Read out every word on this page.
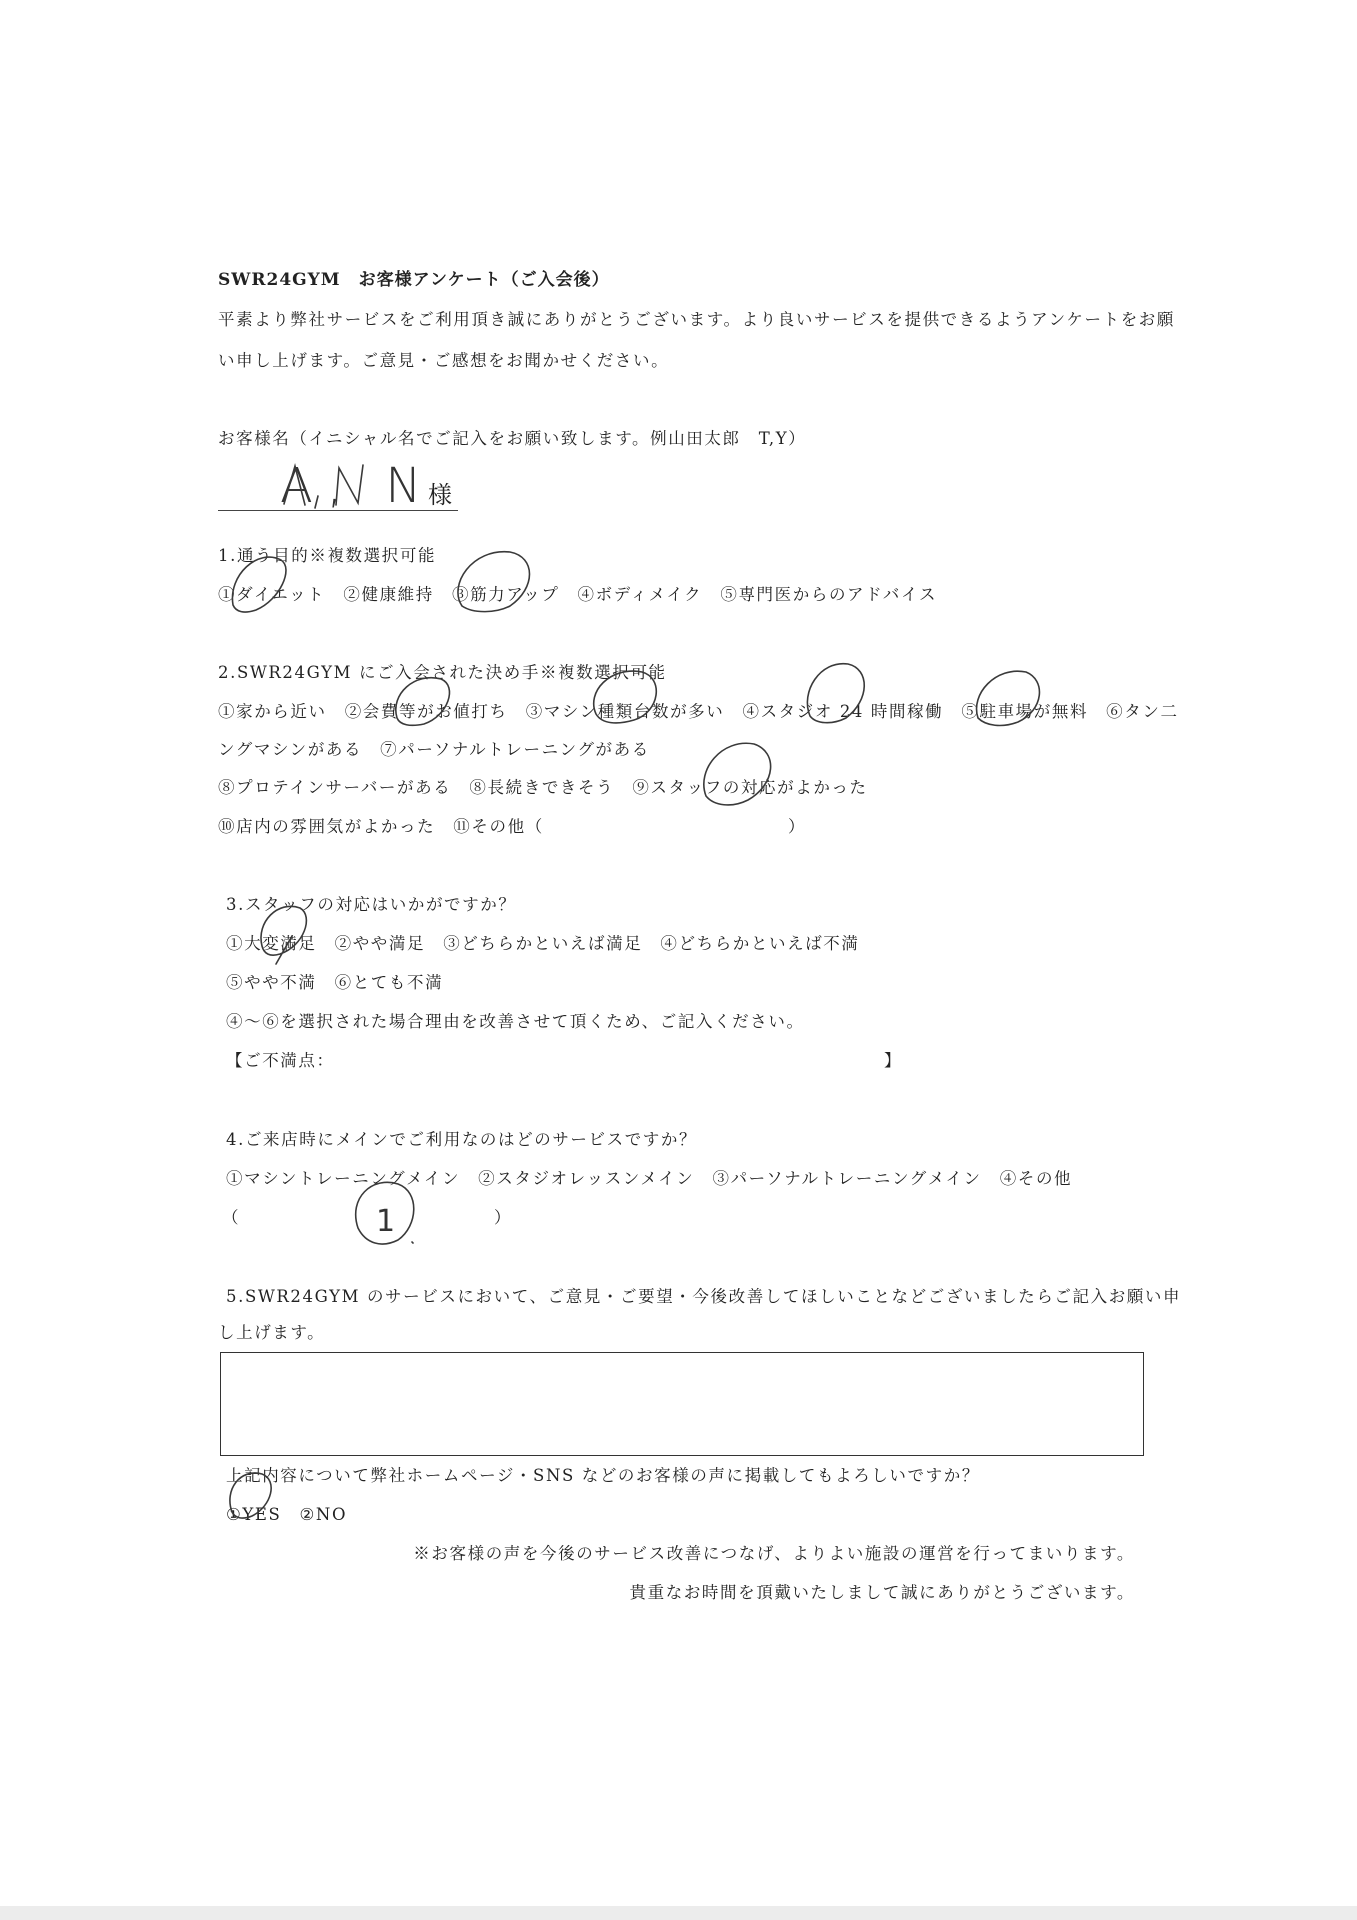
SWR24GYM　お客様アンケート（ご入会後）
平素より弊社サービスをご利用頂き誠にありがとうございます。より良いサービスを提供できるようアンケートをお願
い申し上げます。ご意見・ご感想をお聞かせください。
お客様名（イニシャル名でご記入をお願い致します。例山田太郎　T,Y）
A, N
様
1.通う目的※複数選択可能
①ダイエット　②健康維持　③筋力アップ　④ボディメイク　⑤専門医からのアドバイス
2.SWR24GYM にご入会された決め手※複数選択可能
①家から近い　②会費等がお値打ち　③マシン種類台数が多い　④スタジオ 24 時間稼働　⑤駐車場が無料　⑥タン二
ングマシンがある　⑦パーソナルトレーニングがある
⑧プロテインサーバーがある　⑧長続きできそう　⑨スタッフの対応がよかった
⑩店内の雰囲気がよかった　⑪その他（	）
3.スタッフの対応はいかがですか？
①大変満足　②やや満足　③どちらかといえば満足　④どちらかといえば不満
⑤やや不満　⑥とても不満
④～⑥を選択された場合理由を改善させて頂くため、ご記入ください。
【ご不満点：	】
4.ご来店時にメインでご利用なのはどのサービスですか？
①マシントレーニングメイン　②スタジオレッスンメイン　③パーソナルトレーニングメイン　④その他
（	1	）
5.SWR24GYM のサービスにおいて、ご意見・ご要望・今後改善してほしいことなどございましたらご記入お願い申
し上げます。
上記内容について弊社ホームページ・SNS などのお客様の声に掲載してもよろしいですか？
①YES　②NO
※お客様の声を今後のサービス改善につなげ、よりよい施設の運営を行ってまいります。
貴重なお時間を頂戴いたしまして誠にありがとうございます。
